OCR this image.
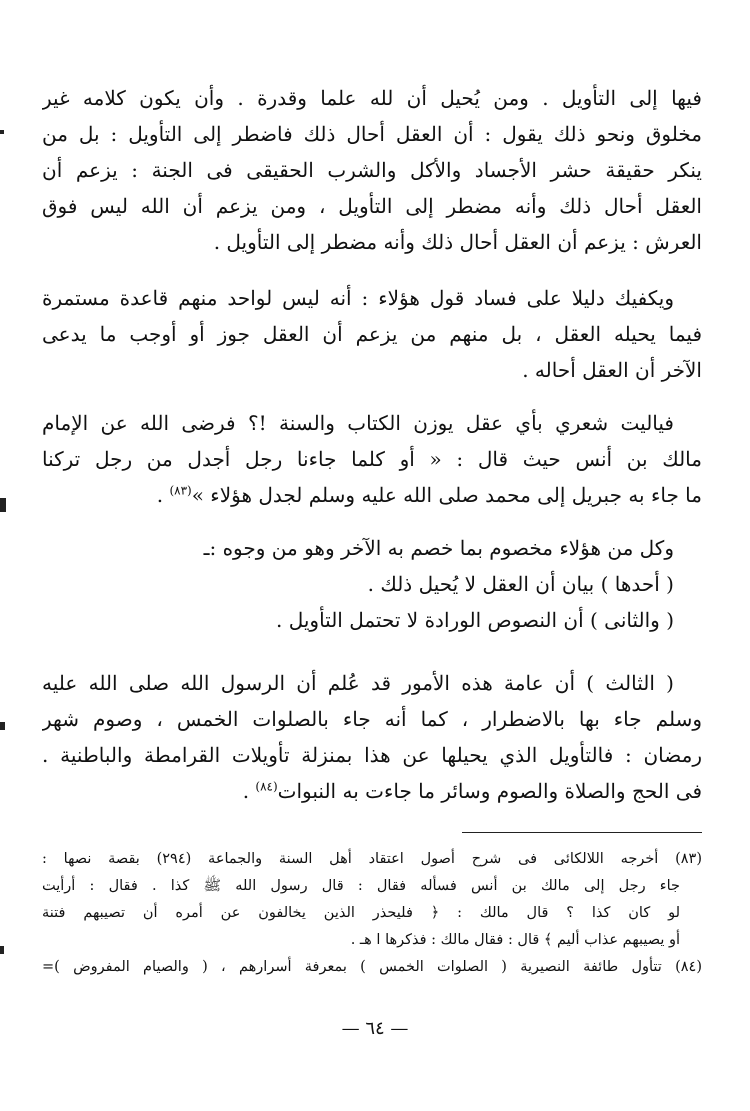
فيها إلى التأويل . ومن يُحيل أن لله علما وقدرة . وأن يكون كلامه غير
مخلوق ونحو ذلك يقول : أن العقل أحال ذلك فاضطر إلى التأويل : بل من
ينكر حقيقة حشر الأجساد والأكل والشرب الحقيقى فى الجنة : يزعم أن
العقل أحال ذلك وأنه مضطر إلى التأويل ، ومن يزعم أن الله ليس فوق
العرش : يزعم أن العقل أحال ذلك وأنه مضطر إلى التأويل .
ويكفيك دليلا على فساد قول هؤلاء : أنه ليس لواحد منهم قاعدة مستمرة
فيما يحيله العقل ، بل منهم من يزعم أن العقل جوز أو أوجب ما يدعى
الآخر أن العقل أحاله .
فياليت شعري بأي عقل يوزن الكتاب والسنة !؟ فرضى الله عن الإمام
مالك بن أنس حيث قال : « أو كلما جاءنا رجل أجدل من رجل تركنا
ما جاء به جبريل إلى محمد صلى الله عليه وسلم لجدل هؤلاء »$^{(٨٣)}$ .
وكل من هؤلاء مخصوم بما خصم به الآخر وهو من وجوه :ـ
( أحدها ) بيان أن العقل لا يُحيل ذلك .
( والثانى ) أن النصوص الورادة لا تحتمل التأويل .
( الثالث ) أن عامة هذه الأمور قد عُلم أن الرسول الله صلى الله عليه
وسلم جاء بها بالاضطرار ، كما أنه جاء بالصلوات الخمس ، وصوم شهر
رمضان : فالتأويل الذي يحيلها عن هذا بمنزلة تأويلات القرامطة والباطنية .
فى الحج والصلاة والصوم وسائر ما جاءت به النبوات$^{(٨٤)}$ .
(٨٣) أخرجه اللالكائى فى شرح أصول اعتقاد أهل السنة والجماعة (٢٩٤) بقصة نصها :
جاء رجل إلى مالك بن أنس فسأله فقال : قال رسول الله ﷺ كذا . فقال : أرأيت
لو كان كذا ؟ قال مالك : ﴿ فليحذر الذين يخالفون عن أمره أن تصيبهم فتنة
أو يصيبهم عذاب أليم ﴾ قال : فقال مالك : فذكرها ا هـ .
(٨٤) تتأول طائفة النصيرية ( الصلوات الخمس ) بمعرفة أسرارهم ، ( والصيام المفروض )=
— ٦٤ —
